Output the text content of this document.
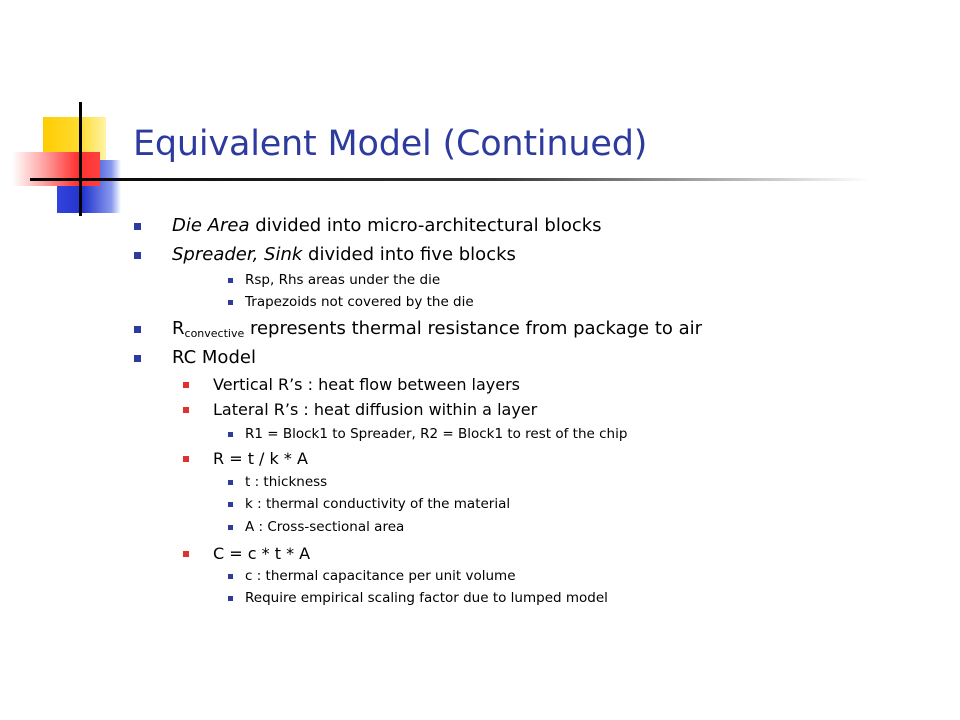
Equivalent Model (Continued)
Die Area divided into micro-architectural blocks
Spreader, Sink divided into five blocks
Rsp, Rhs areas under the die
Trapezoids not covered by the die
Rconvective represents thermal resistance from package to air
RC Model
Vertical R’s : heat flow between layers
Lateral R’s : heat diffusion within a layer
R1 = Block1 to Spreader, R2 = Block1 to rest of the chip
R = t / k * A
t : thickness
k : thermal conductivity of the material
A : Cross-sectional area
C = c * t * A
c : thermal capacitance per unit volume
Require empirical scaling factor due to lumped model
